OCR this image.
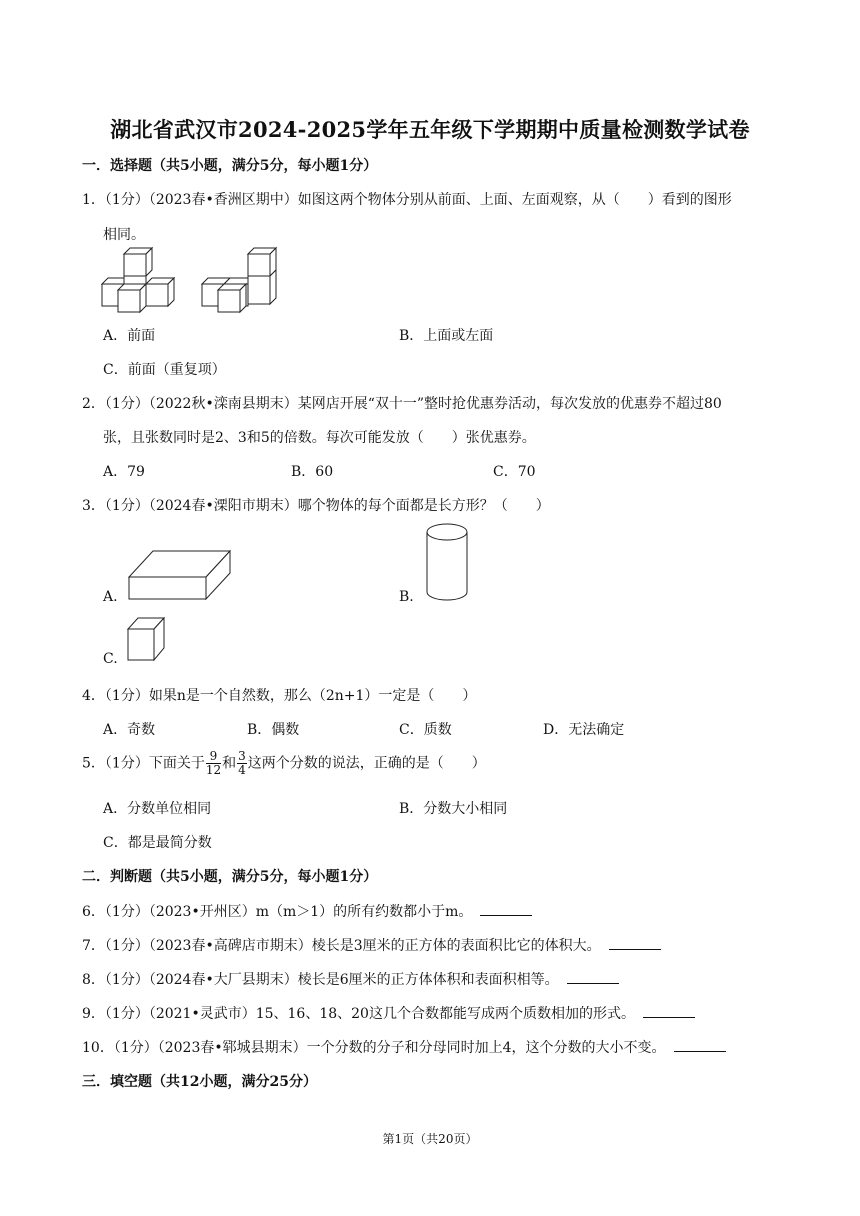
湖北省武汉市2024-2025学年五年级下学期期中质量检测数学试卷
一．选择题（共5小题，满分5分，每小题1分）
1．（1分）（2023春•香洲区期中）如图这两个物体分别从前面、上面、左面观察，从（　　）看到的图形
相同。
A．前面	B．上面或左面
C．前面（重复项）
2．（1分）（2022秋•滦南县期末）某网店开展“双十一”整时抢优惠券活动，每次发放的优惠券不超过80
张，且张数同时是2、3和5的倍数。每次可能发放（　　）张优惠券。
A．79	B．60	C．70
3．（1分）（2024春•溧阳市期末）哪个物体的每个面都是长方形？（　　）
A.	B.
C.
4．（1分）如果n是一个自然数，那么（2n+1）一定是（　　）
A．奇数	B．偶数	C．质数	D．无法确定
5．（1分）下面关于 $\frac{9}{12}$ 和 $\frac{3}{4}$ 这两个分数的说法，正确的是（　　）
A．分数单位相同	B．分数大小相同
C．都是最简分数
二．判断题（共5小题，满分5分，每小题1分）
6．（1分）（2023•开州区）m（m＞1）的所有约数都小于m。
7．（1分）（2023春•高碑店市期末）棱长是3厘米的正方体的表面积比它的体积大。
8．（1分）（2024春•大厂县期末）棱长是6厘米的正方体体积和表面积相等。
9．（1分）（2021•灵武市）15、16、18、20这几个合数都能写成两个质数相加的形式。
10．（1分）（2023春•郓城县期末）一个分数的分子和分母同时加上4，这个分数的大小不变。
三．填空题（共12小题，满分25分）
第1页（共20页）
